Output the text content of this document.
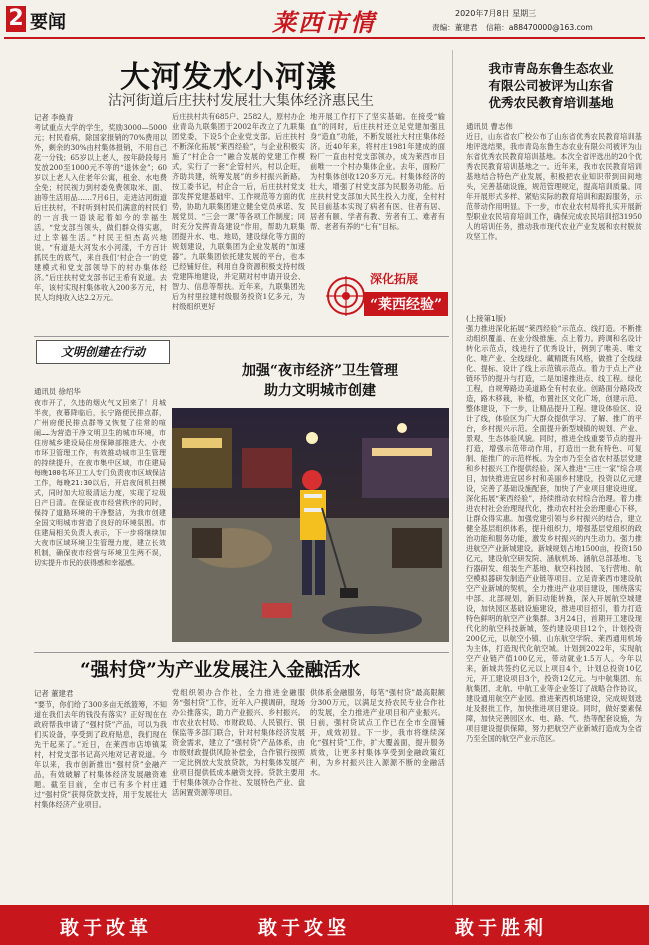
2 要闻	莱西市情	2020年7月8日 星期三
责编：董建君 信箱：a88470000@163.com
大河发水小河漾
沽河街道后庄扶村发展壮大集体经济惠民生
记者 李焕青
考试重点大学的学生，奖励3000—5000元；村民看病，除国家报销的70%费用以外，剩余的30%由村集体报销，不用自己花一分钱；65岁以上老人，按年龄段每月发放200至1000元不等的“退休金”；60岁以上老人入住老年公寓，租金、水电费全免；村民视力到村委免费领取米、面、油等生活用品……7月6日，走进沽河街道后庄扶村，不时听到村民们满意的村民们的一言我一语谈起着如今的幸福生活。“党支部当领头，做们群众得实惠，过上幸福生活。”村民王恒杰高兴地说。“有道是大河发水小河漾，千方百计抓民生的底气，来自我们‘村企合一’的党建模式和党支部领导下的村办集体经济。”后庄扶村党支部书记王希有说道。去年，该村实现村集体收入200多万元，村民人均纯收入达2.2万元。
后庄扶村共有685户、2582人，原村办企业青岛九联集团于2002年改立了九联集团党委，下设5个企业党支部。后庄扶村不断深化拓展“莱西经验”，与企业积极实施了“村企合一”融合发展的党建工作模式，实行了一套“企管村兴，村以企旺，齐助共建，统筹发展”的乡村振兴新路。按工委书记，村企合一后，后庄扶村党支部发挥党建基础牢、工作规范等方面的优势，协助九联集团建立健全党员承诺、发展党员、“三会一课”等各项工作制度；同时充分发挥青岛建设“作用，帮助九联集团提升水、电、地局，建设绿化等方面的规划建设，九联集团为企业发展的“加速器”。九联集团依托建发展的平台，也本已经铺好住，利用自身资源积极支持村级党建阵地建设，并定期对村申请开设会、智力、信息等帮扶。近年来，九联集团先后为村里拉建村级服务投资1亿多元，为村级组织更好
地开展工作打下了坚实基础。在接受“输血”的同时，后庄扶村还立足党建加强且身“造血”功能，不断发展社大村庄集体经济。近40年来，将村庄1981年建成的面粉厂一直由村党支部领办，成为莱西市目前唯一一个村办集体企业。去年，面粉厂为村集体创收120多万元。村集体经济的壮大，增强了村党支部为民服务功能。后庄扶村党支部加大民生投入力度，全村村民目前基本实现了病者有医、住者有居、居者有颐、学者有教、劳者有工、难者有帮、老者有养的“七有”目标。
深化拓展
“莱西经验”
我市青岛东鲁生态农业
有限公司被评为山东省
优秀农民教育培训基地
通讯员 曹志伟
近日，山东省农广校公布了山东省优秀农民教育培训基地评选结果，我市青岛东鲁生态农业有限公司被评为山东省优秀农民教育培训基地。本次全省评选出的20个优秀农民教育培训基地之一。近年来，我市农民教育培训基地结合特色产业发展，积极把农业知识带到田间地头，完善基础设施，规范管理规定，提高培训质量。同年开展形式多样、紧贴实际的教育培训和跟踪服务，示范带动作用明显。下一步，市农业农村局将扎实开展新型职业农民培育培训工作，确保完成农民培训招31950人的培训任务，推动我市现代农业产业发展和农村脱贫攻坚工作。
(上接第1版)
强力推进深化拓展“莱西经验”示范点、线打造。不断推动组织覆盖、在业分级推施、点上着力。跨调和名设计转化示范点，线进行了优秀设计，例到了唯美、唯文化、唯产业、全线绿化、藏精既有风格，做推了全线绿化、提标、设计了线上示范镇示范点。着力于点上产业链环节的提升与打造，二是加速推进点、线工程。绿化工程，自规筹路边美道路全有村农业。创路面分路段改造，路木移栽，补植，布置社区文化广场，创建示范、整体建设，下一步，让精品提升工程。建设体验区、设计了线，体验区为广大群众提供学习、了解、推广的平台，乡村振兴示范。全面提升新型城镇的规划、产业、景观、生态体验风貌。同时，推进全线重要节点的提升打造，增强示范带动作用，打造出一批有特色、可复制、能推广的示范样板。为全市乃至全省农村基层党建和乡村振兴工作提供经验。深入推进“三庄一家”综合项目，加快推进宜居乡村和美丽乡村建设，投资以亿元建设，完善了基础设施配套，加快了产业项目建设进度。深化拓展“莱西经验”，持续推动农村综合治理。着力推进农村社会治理现代化，推动农村社会治理重心下移，让群众得实惠。加强党建引领与乡村振兴的结合，建立健全基层组织体系，提升组织力，增强基层党组织的政治功能和服务功能，激发乡村振兴的内生动力。强力推进航空产业新城建设。新城规划占地1500亩，投资150亿元，建设航空研发院、涵航机场、涵航总部基地、飞行器研发、组装生产基地、航空科技园、飞行营地、航空模拟器研发制造产业链等项目。立足青莱西市建设航空产业新城的契机，全力推进产业项目建设，围绕落实中部、北部规划，新旧动能转换，深入开展航空城建设，加快园区基础设施建设，推进项目招引，着力打造特色鲜明的航空产业集群。3月24日，首期开工建设现代化的航空科技新城，签约建设项目12个，计划投资200亿元，以航空小镇、山东航空学院、莱西通用机场为主体，打造现代化航空城。计划到2022年，实现航空产业链产值100亿元，带动就业1.5万人。今年以来，新城共签约亿元以上项目4个，计划总投资10亿元，开工建设项目3个，投资12亿元。与中航集团、东航集团、北航、中航工业等企业签订了战略合作协议，建设通用航空产业园。推进莱西机场建设，完成规划选址及报批工作，加快推进项目建设。同时，做好要素保障，加快完善园区水、电、路、气、热等配套设施，为项目建设提供保障，努力把航空产业新城打造成为全省乃至全国的航空产业示范区。
文明创建在行动
加强“夜市经济”卫生管理
助力文明城市创建
通讯员 徐绍华
夜市开了，久违的烟火气又回来了！月城半夜，夜幕降临后，长宁路便民排点群，广州府便民排点群等又恢复了往常的喧闹……为营造干净文明卫生的城市环境，市住房城乡建设局住房保障部推进大、小夜市环卫管理工作，有效推动城市卫生管理的持续提升，在夜市集中区域，市住建局每晚100名环卫工人专门负责夜市区域保洁工作，每晚21:30以后，开启夜间机扫模式，同时加大垃圾清运力度，实现了垃圾日产日清。在保证夜市经营秩序的同时，保持了道路环境的干净整洁，为我市创建全国文明城市营造了良好的环境氛围。市住建局相关负责人表示，下一步将继续加大夜市区域环境卫生管理力度，建立长效机制，确保夜市经营与环境卫生两不误，切实提升市民的获得感和幸福感。
“强村贷”为产业发展注入金融活水
记者 董建君
“要节，你们给了300多亩无纸篮筹，不知道在我们去年的钱没有落实？正好现在在政府帮我申请了“强村贷”产品，可以为我们买设备，享受到了政府贴息，我们现在先干起来了。”近日，在莱西市店埠镇某村，村党支部书记高兴地对记者说道。今年以来，我市创新推出“强村贷”金融产品，有效破解了村集体经济发展融资难题。截至目前，全市已有多个村庄通过“强村贷”获得贷款支持，用于发展壮大村集体经济产业项目。
党组织领办合作社，全力推进金融服务“强村贷”工作，近年入户摸调研，现场办公推落实，助力产业振兴、乡村振兴。市农业农村局、市财政局、人民银行、银保监等多部门联合，针对村集体经济发展资金需求，建立了“强村贷”产品体系，由市级财政提供风险补偿金，合作银行按照一定比例放大发放贷款，为村集体发展产业项目提供低成本融资支持。贷款主要用于村集体领办合作社、发展特色产业、盘活闲置资源等项目。
供体系金融服务，每笔“强村贷”最高限额分300万元，以满足支持农民专业合作社的发展，全力推进产业项目和产业振兴。日前，强村贷试点工作已在全市全面铺开，成效初显。下一步，我市将继续深化“强村贷”工作，扩大覆盖面，提升服务质效，让更多村集体享受到金融政策红利，为乡村振兴注入源源不断的金融活水。
敢于改革	敢于攻坚	敢于胜利
